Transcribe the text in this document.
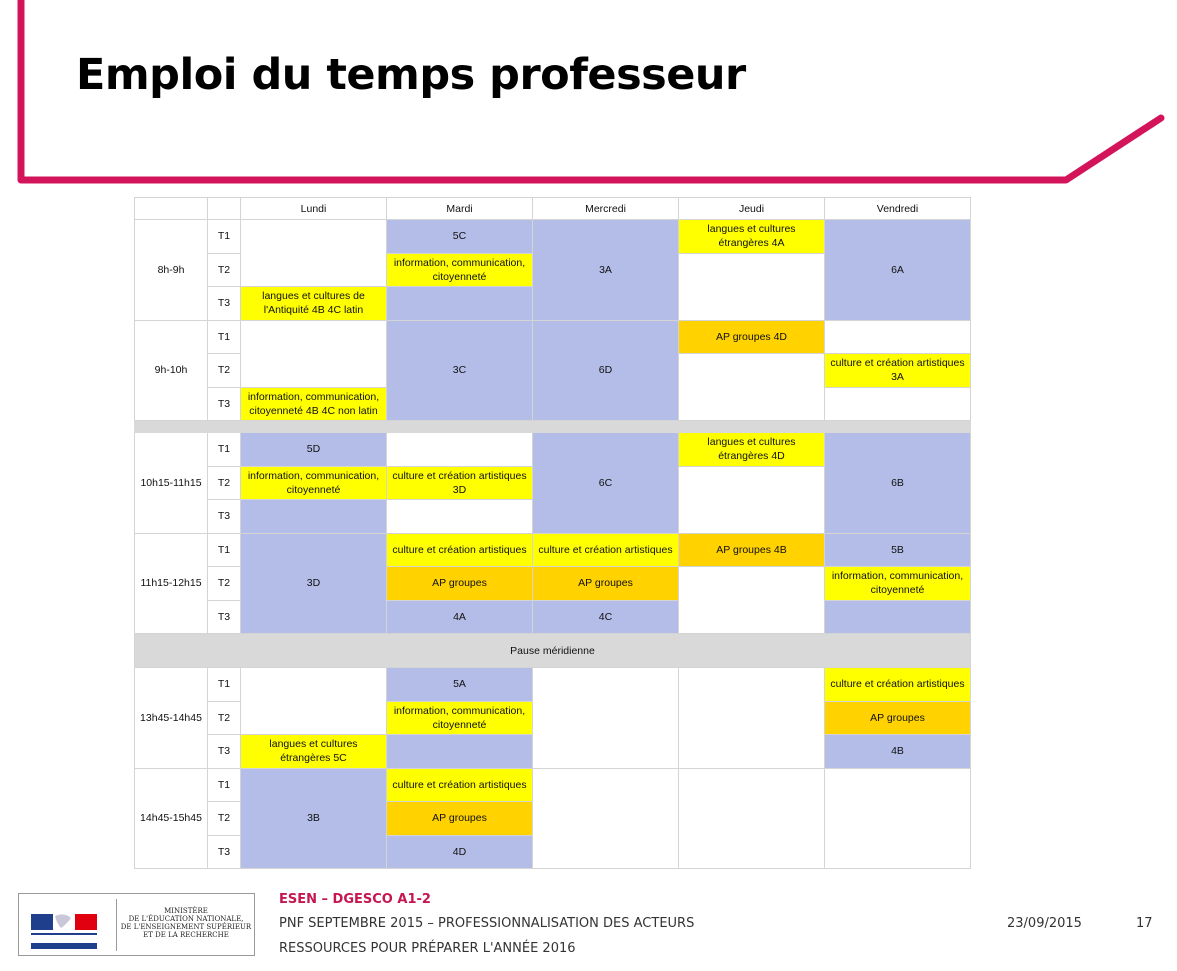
Emploi du temps professeur
		Lundi	Mardi	Mercredi	Jeudi	Vendredi
8h-9h	T1		5C	3A	langues et cultures étrangères 4A	6A
	T2		information, communication, citoyenneté			
	T3	langues et cultures de l'Antiquité 4B 4C latin				
9h-10h	T1		3C	6D	AP groupes 4D	
	T2					culture et création artistiques 3A
	T3	information, communication, citoyenneté 4B 4C non latin				

10h15-11h15	T1	5D		6C	langues et cultures étrangères 4D	6B
	T2	information, communication, citoyenneté	culture et création artistiques 3D			
	T3					
11h15-12h15	T1	3D	culture et création artistiques	culture et création artistiques	AP groupes 4B	5B
	T2		AP groupes	AP groupes		information, communication, citoyenneté
	T3		4A	4C		
Pause méridienne						
13h45-14h45	T1		5A			culture et création artistiques
	T2		information, communication, citoyenneté			AP groupes
	T3	langues et cultures étrangères 5C				4B
14h45-15h45	T1	3B	culture et création artistiques			
	T2		AP groupes			
	T3		4D			
MINISTÈRE
DE L'ÉDUCATION NATIONALE,
DE L'ENSEIGNEMENT SUPÉRIEUR
ET DE LA RECHERCHE
ESEN – DGESCO A1-2
PNF SEPTEMBRE 2015 – PROFESSIONNALISATION DES ACTEURS
RESSOURCES POUR PRÉPARER L'ANNÉE 2016
23/09/2015	17
